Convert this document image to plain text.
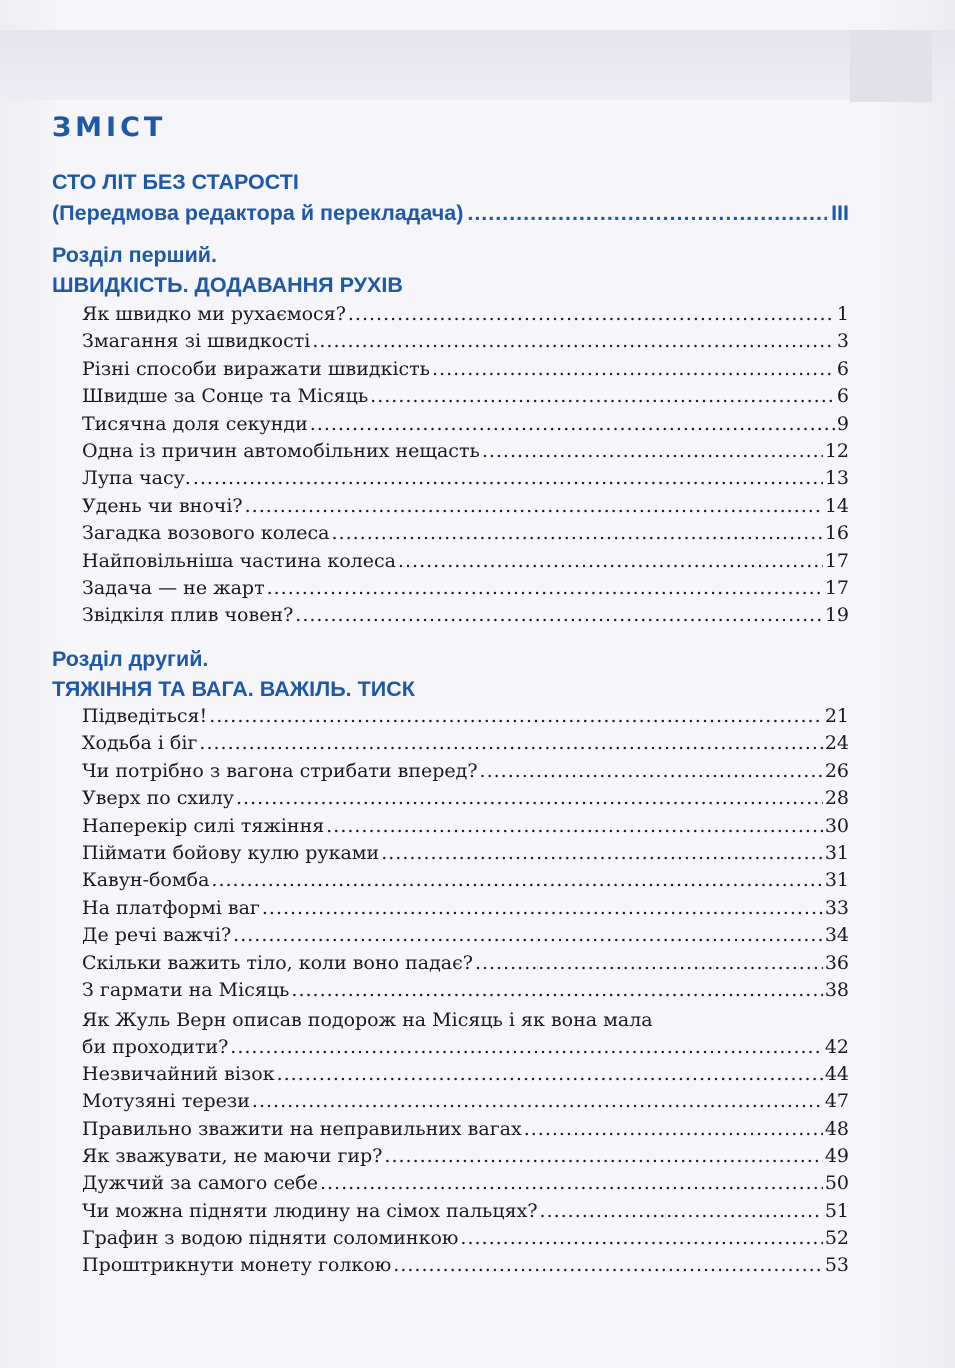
ЗМІСТ
СТО ЛІТ БЕЗ СТАРОСТІ
(Передмова редактора й перекладача) .....	III
Розділ перший.
ШВИДКІСТЬ. ДОДАВАННЯ РУХІВ
Як швидко ми рухаємося? .....	1
Змагання зі швидкості .....	3
Різні способи виражати швидкість .....	6
Швидше за Сонце та Місяць .....	6
Тисячна доля секунди .....	9
Одна із причин автомобільних нещасть .....	12
Лупа часу. .....	13
Удень чи вночі? .....	14
Загадка возового колеса .....	16
Найповільніша частина колеса .....	17
Задача — не жарт .....	17
Звідкіля плив човен? .....	19
Розділ другий.
ТЯЖІННЯ ТА ВАГА. ВАЖІЛЬ. ТИСК
Підведіться! .....	21
Ходьба і біг .....	24
Чи потрібно з вагона стрибати вперед? .....	26
Уверх по схилу .....	28
Наперекір силі тяжіння .....	30
Піймати бойову кулю руками .....	31
Кавун-бомба .....	31
На платформі ваг .....	33
Де речі важчі? .....	34
Скільки важить тіло, коли воно падає? .....	36
З гармати на Місяць .....	38
Як Жуль Верн описав подорож на Місяць і як вона мала
би проходити? .....	42
Незвичайний візок .....	44
Мотузяні терези .....	47
Правильно зважити на неправильних вагах .....	48
Як зважувати, не маючи гир? .....	49
Дужчий за самого себе .....	50
Чи можна підняти людину на сімох пальцях? .....	51
Графин з водою підняти соломинкою .....	52
Проштрикнути монету голкою .....	53
